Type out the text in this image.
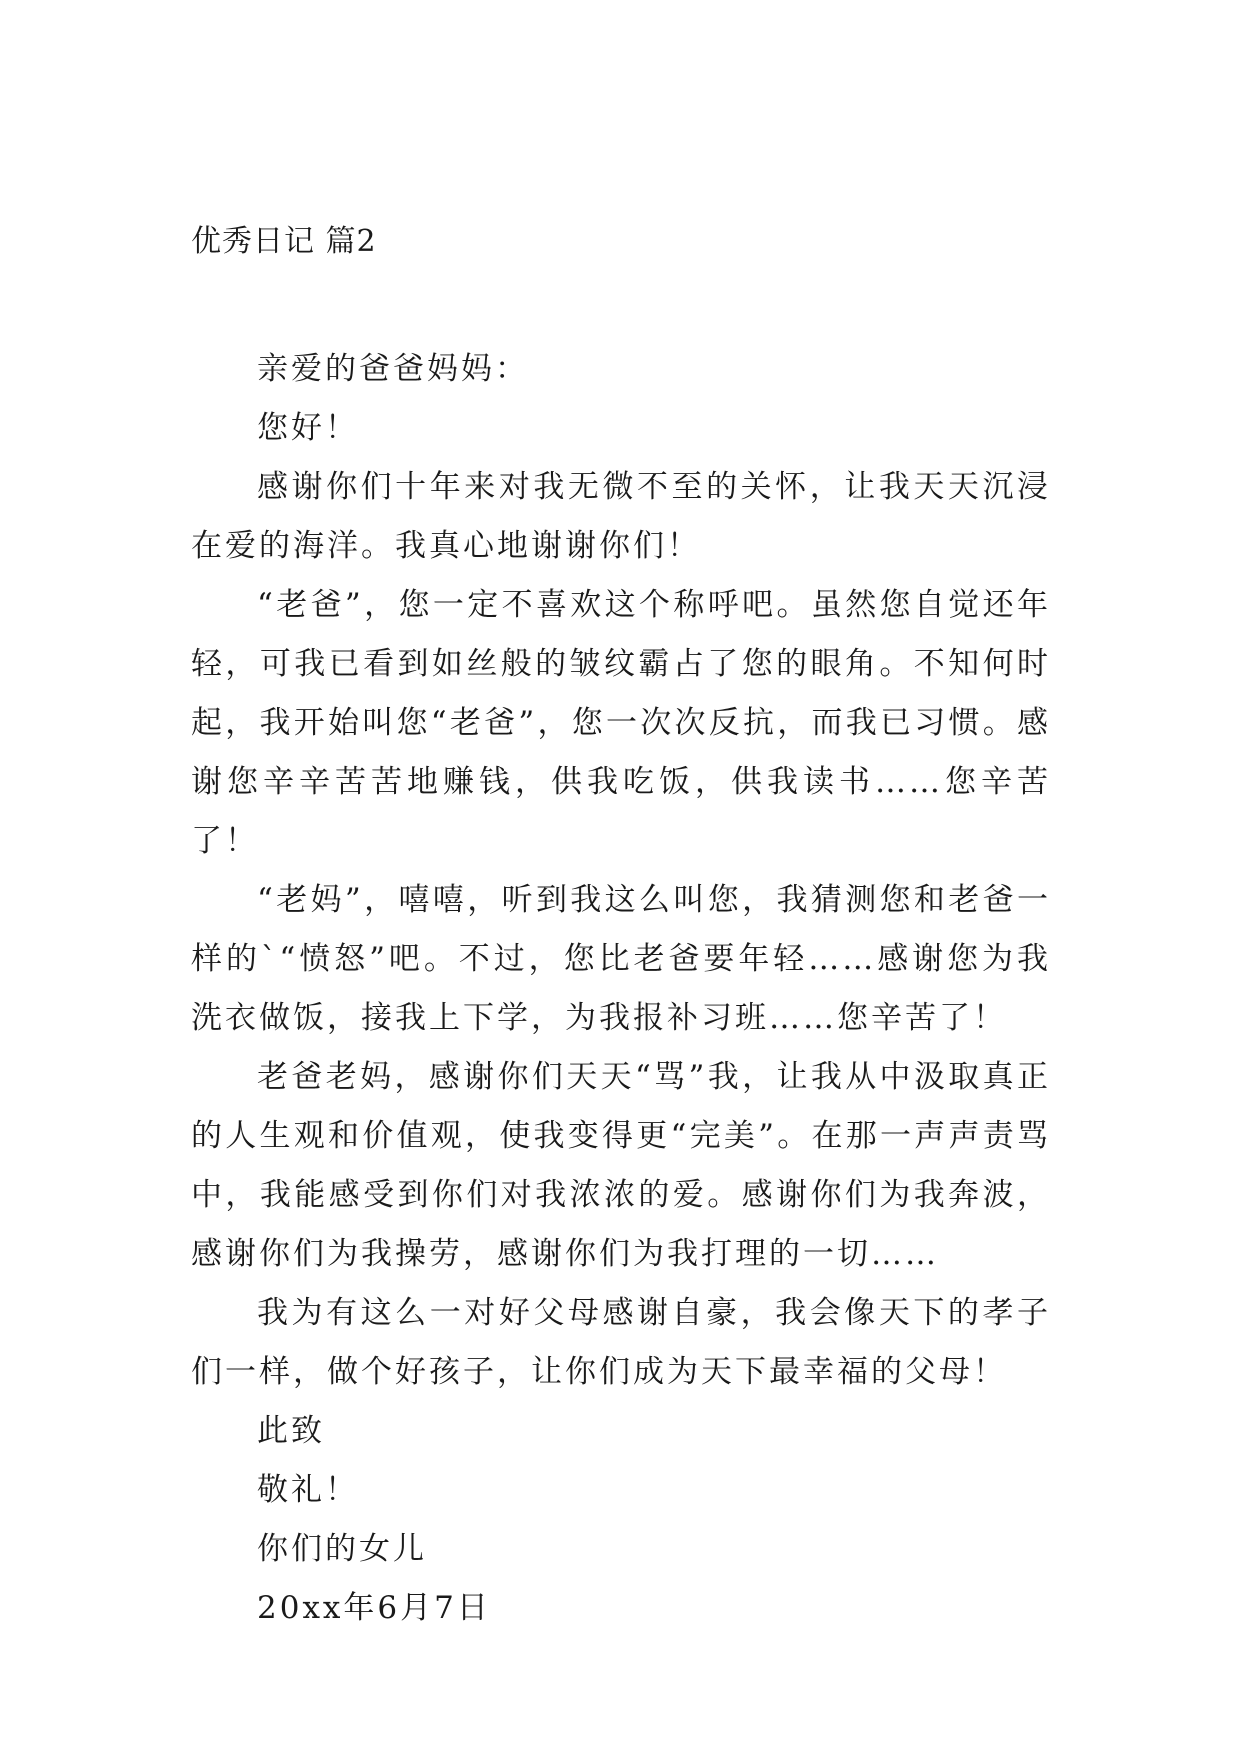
优秀日记 篇2

亲爱的爸爸妈妈：

您好！

感谢你们十年来对我无微不至的关怀，让我天天沉浸在爱的海洋。我真心地谢谢你们！

“老爸”，您一定不喜欢这个称呼吧。虽然您自觉还年轻，可我已看到如丝般的皱纹霸占了您的眼角。不知何时起，我开始叫您“老爸”，您一次次反抗，而我已习惯。感谢您辛辛苦苦地赚钱，供我吃饭，供我读书……您辛苦了！

“老妈”，嘻嘻，听到我这么叫您，我猜测您和老爸一样的`“愤怒”吧。不过，您比老爸要年轻……感谢您为我洗衣做饭，接我上下学，为我报补习班……您辛苦了！

老爸老妈，感谢你们天天“骂”我，让我从中汲取真正的人生观和价值观，使我变得更“完美”。在那一声声责骂中，我能感受到你们对我浓浓的爱。感谢你们为我奔波，感谢你们为我操劳，感谢你们为我打理的一切……

我为有这么一对好父母感谢自豪，我会像天下的孝子们一样，做个好孩子，让你们成为天下最幸福的父母！

此致

敬礼！

你们的女儿

20xx年6月7日
